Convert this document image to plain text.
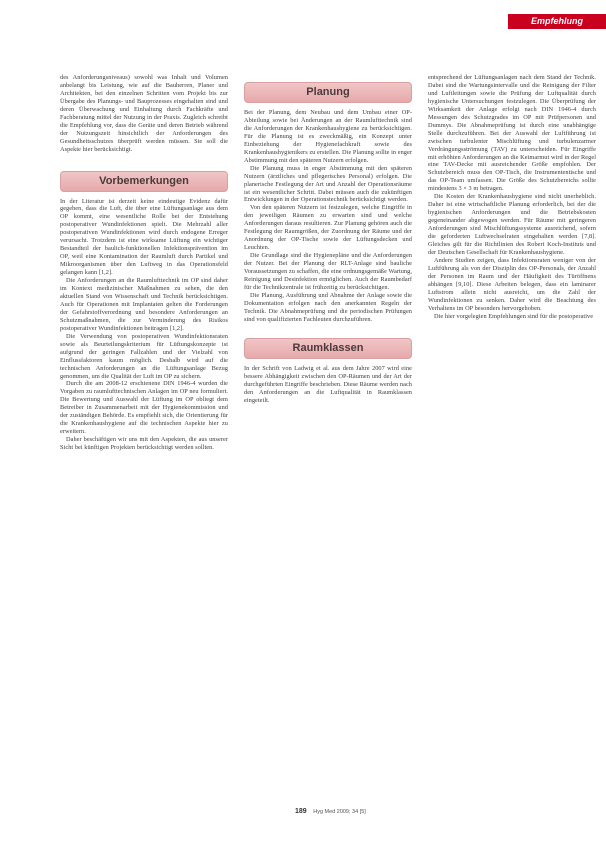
Empfehlung

des Anforderungsniveaus) sowohl was Inhalt und Volumen anbelangt bis Leistung, wie auf die Bauherren, Planer und Architekten, bei den einzelnen Schritten vom Projekt bis zur Übergabe des Planungs- und Bauprozesses eingehalten sind und deren Überwachung und Einhaltung durch Fachkräfte und Fachberatung mittel der Nutzung in der Praxis. Zugleich schreibt die Empfehlung vor, dass die Geräte und deren Betrieb während der Nutzungszeit hinsichtlich der Anforderungen des Gesundheitsschutzes überprüft werden müssen. Sie soll die Aspekte hier berücksichtigt.

Vorbemerkungen

In der Literatur ist derzeit keine eindeutige Evidenz dafür gegeben, dass die Luft, die über eine Lüftungsanlage aus dem OP kommt, eine wesentliche Rolle bei der Entstehung postoperativer Wundinfektionen spielt. Die Mehrzahl aller postoperativen Wundinfektionen wird durch endogene Erreger verursacht. Trotzdem ist eine wirksame Lüftung ein wichtiger Bestandteil der baulich-funktionellen Infektionsprävention im OP, weil eine Kontamination der Raumluft durch Partikel und Mikroorganismen über den Luftweg in das Operationsfeld gelangen kann [1,2].

Die Anforderungen an die Raumlufttechnik im OP sind daher im Kontext medizinischer Maßnahmen zu sehen, die den aktuellen Stand von Wissenschaft und Technik berücksichtigen. Auch für Operationen mit Implantaten gelten die Forderungen der Gefahrstoffverordnung und besondere Anforderungen an Schutzmaßnahmen, die zur Verminderung des Risikos postoperativer Wundinfektionen beitragen [1,2].

Die Verwendung von postoperativen Wundinfektionsraten sowie als Beurteilungskriterium für Lüftungskonzepte ist aufgrund der geringen Fallzahlen und der Vielzahl von Einflussfaktoren kaum möglich. Deshalb wird auf die technischen Anforderungen an die Lüftungsanlage Bezug genommen, um die Qualität der Luft im OP zu sichern.

Durch die am 2008-12 erschienene DIN 1946-4 wurden die Vorgaben zu raumlufttechnischen Anlagen im OP neu formuliert. Die Bewertung und Auswahl der Lüftung im OP obliegt dem Betreiber in Zusammenarbeit mit der Hygienekommission und der zuständigen Behörde. Es empfiehlt sich, die Orientierung für die Krankenhaushygiene auf die technischen Aspekte hier zu erweitern.

Daher beschäftigen wir uns mit den Aspekten, die aus unserer Sicht bei künftigen Projekten berücksichtigt werden sollten.

Planung

Bei der Planung, dem Neubau und dem Umbau einer OP-Abteilung sowie bei Änderungen an der Raumlufttechnik sind die Anforderungen der Krankenhaushygiene zu berücksichtigen. Für die Planung ist es zweckmäßig, ein Konzept unter Einbeziehung der Hygienefachkraft sowie des Krankenhaushygienikers zu erstellen. Die Planung sollte in enger Abstimmung mit den späteren Nutzern erfolgen.

Die Planung muss in enger Abstimmung mit den späteren Nutzern (ärztliches und pflegerisches Personal) erfolgen. Die planerische Festlegung der Art und Anzahl der Operationsräume ist ein wesentlicher Schritt. Dabei müssen auch die zukünftigen Entwicklungen in der Operationstechnik berücksichtigt werden.

Von den späteren Nutzern ist festzulegen, welche Eingriffe in den jeweiligen Räumen zu erwarten sind und welche Anforderungen daraus resultieren. Zur Planung gehören auch die Festlegung der Raumgrößen, der Zuordnung der Räume und der Anordnung der OP-Tische sowie der Lüftungsdecken und Leuchten.

Die Grundlage sind die Hygienepläne und die Anforderungen der Nutzer. Bei der Planung der RLT-Anlage sind bauliche Voraussetzungen zu schaffen, die eine ordnungsgemäße Wartung, Reinigung und Desinfektion ermöglichen. Auch der Raumbedarf für die Technikzentrale ist frühzeitig zu berücksichtigen.

Die Planung, Ausführung und Abnahme der Anlage sowie die Dokumentation erfolgen nach den anerkannten Regeln der Technik. Die Abnahmeprüfung und die periodischen Prüfungen sind von qualifizierten Fachleuten durchzuführen.

Raumklassen

In der Schrift von Ladwig et al. aus dem Jahre 2007 wird eine bessere Abhängigkeit zwischen den OP-Räumen und der Art der durchgeführten Eingriffe beschrieben. Diese Räume werden nach den Anforderungen an die Luftqualität in Raumklassen eingeteilt.

entsprechend der Lüftungsanlagen nach dem Stand der Technik. Dabei sind die Wartungsintervalle und die Reinigung der Filter und Luftleitungen sowie die Prüfung der Luftqualität durch hygienische Untersuchungen festzulegen. Die Überprüfung der Wirksamkeit der Anlage erfolgt nach DIN 1946-4 durch Messungen des Schutzgrades im OP mit Prüfpersonen und Dummys. Die Abnahmeprüfung ist durch eine unabhängige Stelle durchzuführen. Bei der Auswahl der Luftführung ist zwischen turbulenter Mischlüftung und turbulenzarmer Verdrängungsströmung (TAV) zu unterscheiden. Für Eingriffe mit erhöhten Anforderungen an die Keimarmut wird in der Regel eine TAV-Decke mit ausreichender Größe empfohlen. Der Schutzbereich muss den OP-Tisch, die Instrumententische und das OP-Team umfassen. Die Größe des Schutzbereichs sollte mindestens 3 × 3 m betragen.

Die Kosten der Krankenhaushygiene sind nicht unerheblich. Daher ist eine wirtschaftliche Planung erforderlich, bei der die hygienischen Anforderungen und die Betriebskosten gegeneinander abgewogen werden. Für Räume mit geringeren Anforderungen sind Mischlüftungssysteme ausreichend, sofern die geforderten Luftwechselraten eingehalten werden [7,8]. Gleiches gilt für die Richtlinien des Robert Koch-Instituts und der Deutschen Gesellschaft für Krankenhaushygiene.

Andere Studien zeigen, dass Infektionsraten weniger von der Luftführung als von der Disziplin des OP-Personals, der Anzahl der Personen im Raum und der Häufigkeit des Türöffnens abhängen [9,10]. Diese Arbeiten belegen, dass ein laminarer Luftstrom allein nicht ausreicht, um die Zahl der Wundinfektionen zu senken. Daher wird die Beachtung des Verhaltens im OP besonders hervorgehoben.

Die hier vorgelegten Empfehlungen sind für die postoperative

189 Hyg Med 2009; 34 [5]
